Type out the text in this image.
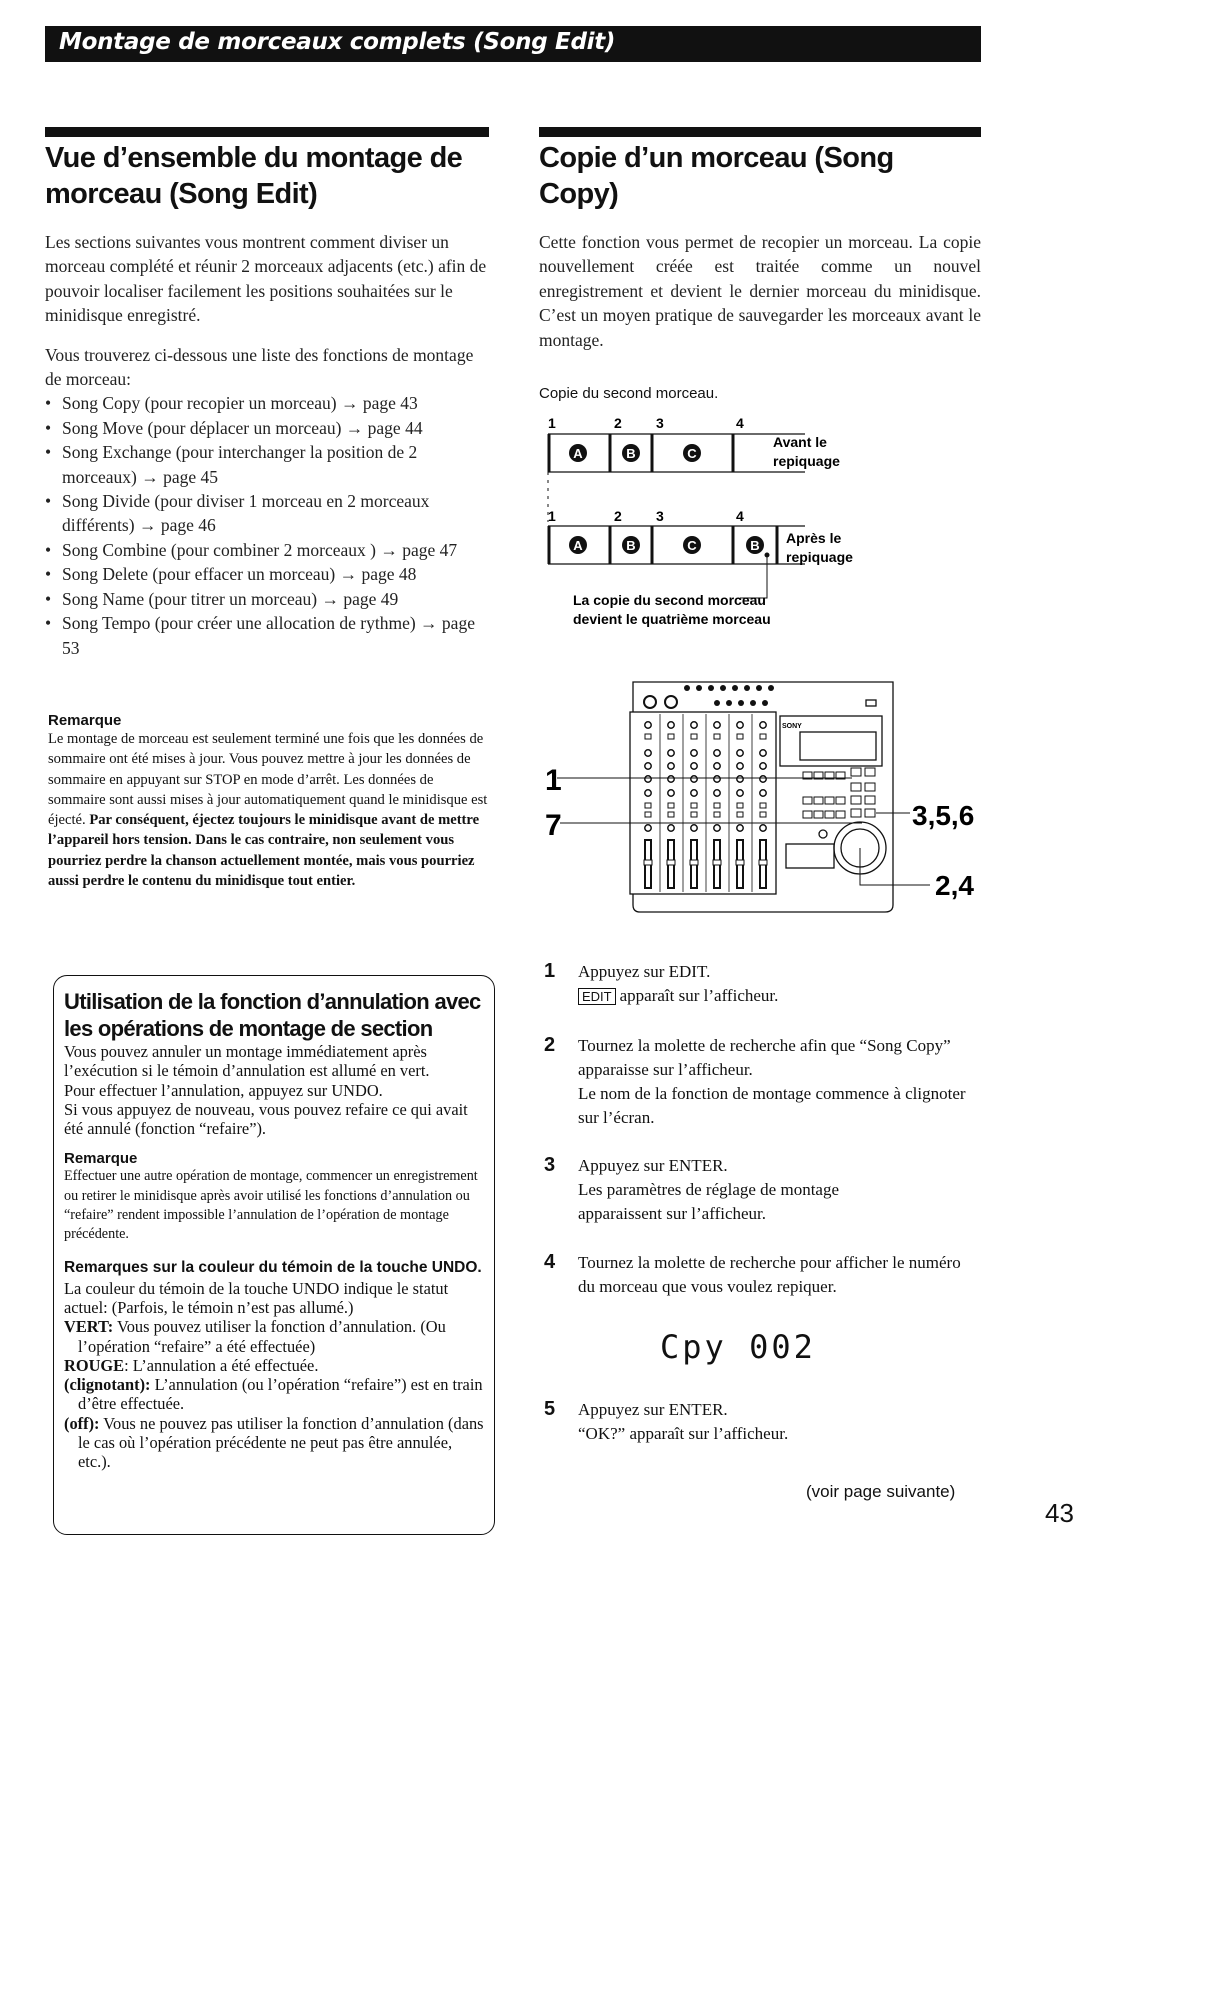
Montage de morceaux complets (Song Edit)
Vue d’ensemble du montage de
morceau (Song Edit)

Les sections suivantes vous montrent comment diviser un morceau complété et réunir 2 morceaux adjacents (etc.) afin de pouvoir localiser facilement les positions souhaitées sur le minidisque enregistré.

Vous trouverez ci-dessous une liste des fonctions de montage de morceau:

• Song Copy (pour recopier un morceau) → page 43
• Song Move (pour déplacer un morceau) → page 44
• Song Exchange (pour interchanger la position de 2 morceaux) → page 45
• Song Divide (pour diviser 1 morceau en 2 morceaux différents) → page 46
• Song Combine (pour combiner 2 morceaux ) → page 47
• Song Delete (pour effacer un morceau) → page 48
• Song Name (pour titrer un morceau) → page 49
• Song Tempo (pour créer une allocation de rythme) → page 53
Remarque
Le montage de morceau est seulement terminé une fois que les données de sommaire ont été mises à jour. Vous pouvez mettre à jour les données de sommaire en appuyant sur STOP en mode d’arrêt. Les données de sommaire sont aussi mises à jour automatiquement quand le minidisque est éjecté. Par conséquent, éjectez toujours le minidisque avant de mettre l’appareil hors tension. Dans le cas contraire, non seulement vous pourriez perdre la chanson actuellement montée, mais vous pourriez aussi perdre le contenu du minidisque tout entier.
Utilisation de la fonction d’annulation avec les opérations de montage de section
Vous pouvez annuler un montage immédiatement après l’exécution si le témoin d’annulation est allumé en vert.
Pour effectuer l’annulation, appuyez sur UNDO.
Si vous appuyez de nouveau, vous pouvez refaire ce qui avait été annulé (fonction “refaire”).
Remarque
Effectuer une autre opération de montage, commencer un enregistrement ou retirer le minidisque après avoir utilisé les fonctions d’annulation ou “refaire” rendent impossible l’annulation de l’opération de montage précédente.
Remarques sur la couleur du témoin de la touche UNDO.
La couleur du témoin de la touche UNDO indique le statut actuel: (Parfois, le témoin n’est pas allumé.)
VERT: Vous pouvez utiliser la fonction d’annulation. (Ou l’opération “refaire” a été effectuée)
ROUGE: L’annulation a été effectuée.
(clignotant): L’annulation (ou l’opération “refaire”) est en train d’être effectuée.
(off): Vous ne pouvez pas utiliser la fonction d’annulation (dans le cas où l’opération précédente ne peut pas être annulée, etc.).
Copie d’un morceau (Song
Copy)
Cette fonction vous permet de recopier un morceau. La copie nouvellement créée est traitée comme un nouvel enregistrement et devient le dernier morceau du minidisque. C’est un moyen pratique de sauvegarder les morceaux avant le montage.
Copie du second morceau.
1	2 3	4
1	2 3	4
A	B	C
A	B	C	B
Avant le
repiquage
Après le
repiquage
La copie du second morceau
devient le quatrième morceau
SONY
1
7	3,5,6
2,4
1 Appuyez sur EDIT.
EDIT apparaît sur l’afficheur.
2 Tournez la molette de recherche afin que “Song Copy” apparaisse sur l’afficheur.
Le nom de la fonction de montage commence à clignoter sur l’écran.
3 Appuyez sur ENTER.
Les paramètres de réglage de montage apparaissent sur l’afficheur.
4 Tournez la molette de recherche pour afficher le numéro du morceau que vous voulez repiquer.
Cpy 002
5 Appuyez sur ENTER.
“OK?” apparaît sur l’afficheur.
(voir page suivante)
43
